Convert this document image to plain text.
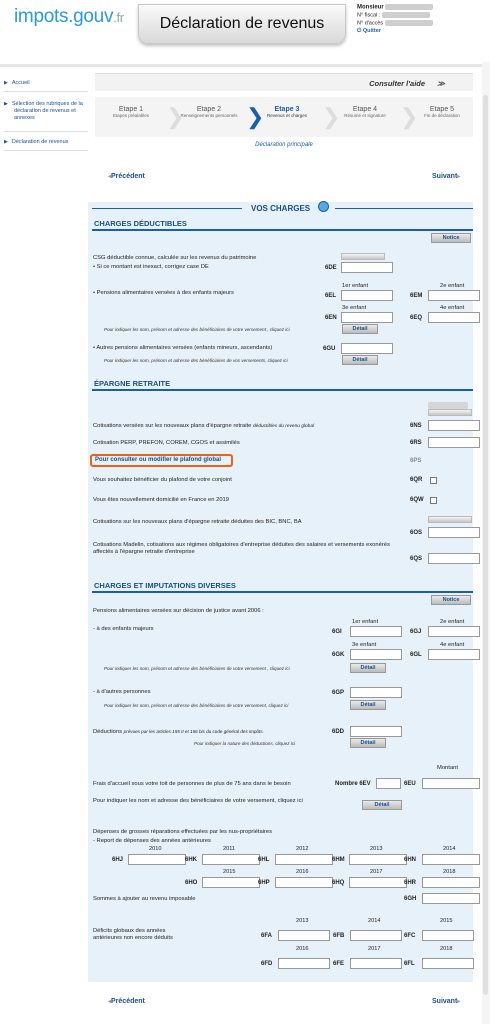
impots.gouv.fr	Déclaration de revenus
Monsieur
N° fiscal :
N° d'accès
⏻ Quitter
▶ Accueil
▶ Sélection des rubriques de la déclaration de revenus et annexes
▶ Déclaration de revenus
Consulter l'aide ≫
Etape 1
Etapes préalables ❯	Etape 2
Renseignements personnels ❯	Etape 3
Revenus et charges ❯	Etape 4
Résumé et signature ❯	Etape 5
Fin de déclaration
Déclaration principale
◂Précédent	Suivant▸
VOS CHARGES
CHARGES DÉDUCTIBLES
Notice
CSG déductible connue, calculée sur les revenus du patrimoine
• Si ce montant est inexact, corrigez case DE	6DE
1er enfant	2e enfant
• Pensions alimentaires versées à des enfants majeurs	6EL	6EM
3e enfant	4e enfant
6EN	6EQ
Pour indiquer les nom, prénom et adresse des bénéficiaires de votre versement , cliquez ici	Détail
• Autres pensions alimentaires versées (enfants mineurs, ascendants)	6GU
Pour indiquer les nom, prénom et adresse des bénéficiaires de vos versements, cliquez ici	Détail
ÉPARGNE RETRAITE
Cotisations versées sur les nouveaux plans d'épargne retraite déductibles du revenu global	6NS
Cotisation PERP, PREFON, COREM, CGOS et assimilés	6RS
Pour consulter ou modifier le plafond global	6PS
Vous souhaitez bénéficier du plafond de votre conjoint	6QR
Vous êtes nouvellement domicilié en France en 2019	6QW
Cotisations sur les nouveaux plans d'épargne retraite déduites des BIC, BNC, BA
6OS
Cotisations Madelin, cotisations aux régimes obligatoires d'entreprise déduites des salaires et versements exonérés affectés à l'épargne retraite d'entreprise
6QS
CHARGES ET IMPUTATIONS DIVERSES
Notice
Pensions alimentaires versées sur décision de justice avant 2006 :
1er enfant	2e enfant
- à des enfants majeurs	6GI	6GJ
3e enfant	4e enfant
6GK	6GL
Pour indiquer les nom, prénom et adresse des bénéficiaires de votre versement , cliquez ici	Détail
- à d'autres personnes	6GP
Pour indiquer les nom, prénom et adresse des bénéficiaires de votre versement, cliquez ici	Détail
Déductions prévues par les articles 155 II et 156 bis du code général des impôts.	6DD
Pour indiquer la nature des déductions, cliquez ici	Détail
Montant
Frais d'accueil sous votre toit de personnes de plus de 75 ans dans le besoin	Nombre 6EV	6EU
Pour indiquer les nom et adresse des bénéficiaires de votre versement, cliquez ici
Détail
Dépenses de grosses réparations effectuées par les nus-propriétaires
- Report de dépenses des années antérieures
2010	2011	2012	2013	2014
6HJ	6HK	6HL	6HM	6HN
2015	2016	2017	2018
6HO	6HP	6HQ	6HR
2013	2014	2015
6FA	6FB	6FC
2016	2017	2018
6FD	6FE	6FL
Sommes à ajouter au revenu imposable	6GH
Déficits globaux des années antérieures non encore déduits
◂Précédent	Suivant▸
